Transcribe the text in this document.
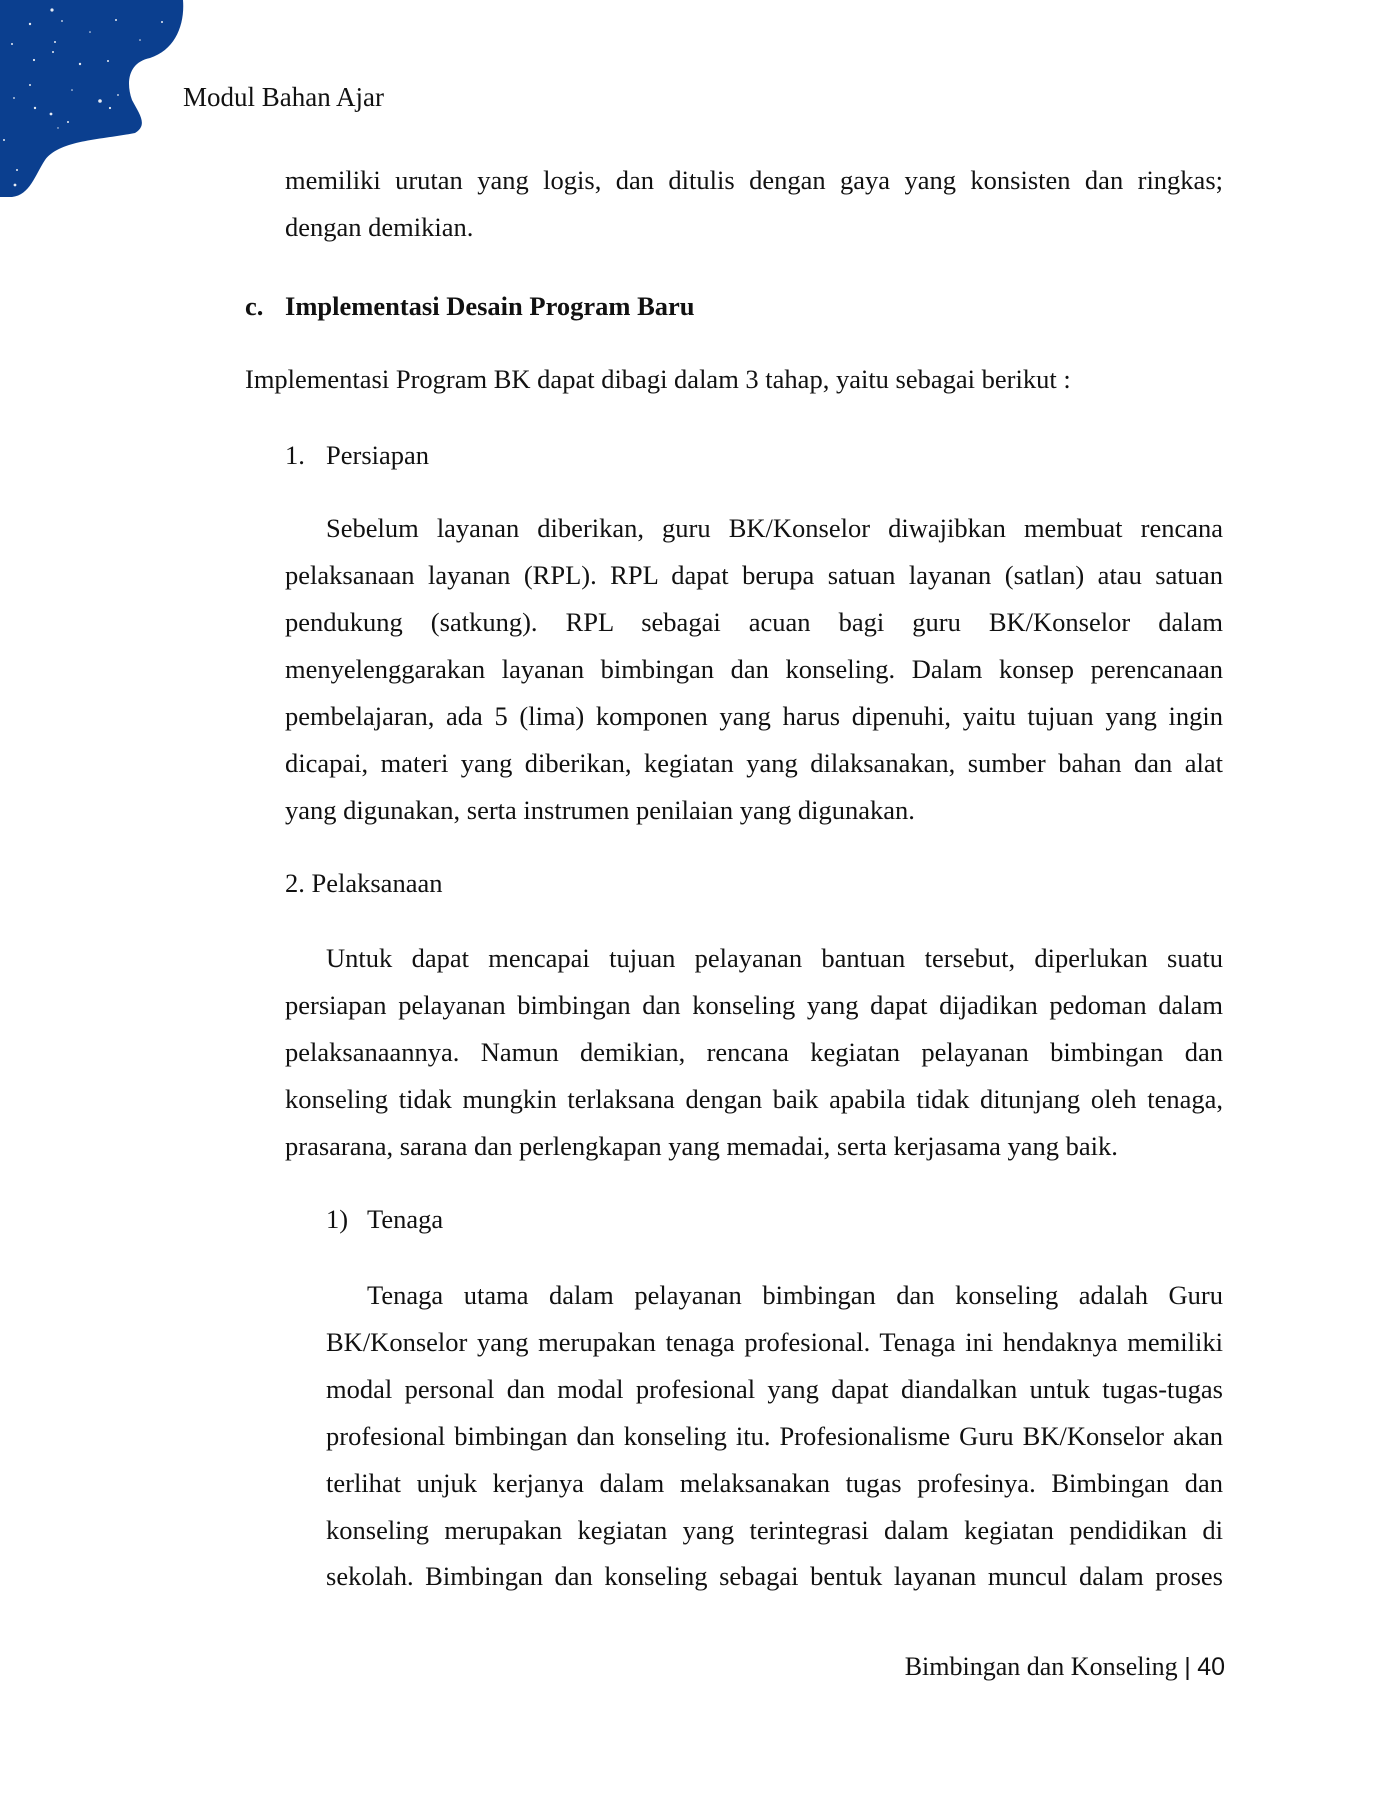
Modul Bahan Ajar
memiliki urutan yang logis, dan ditulis dengan gaya yang konsisten dan ringkas;
dengan demikian.
c. Implementasi Desain Program Baru
Implementasi Program BK dapat dibagi dalam 3 tahap, yaitu sebagai berikut :
1. Persiapan
Sebelum layanan diberikan, guru BK/Konselor diwajibkan membuat rencana
pelaksanaan layanan (RPL). RPL dapat berupa satuan layanan (satlan) atau satuan
pendukung (satkung). RPL sebagai acuan bagi guru BK/Konselor dalam
menyelenggarakan layanan bimbingan dan konseling. Dalam konsep perencanaan
pembelajaran, ada 5 (lima) komponen yang harus dipenuhi, yaitu tujuan yang ingin
dicapai, materi yang diberikan, kegiatan yang dilaksanakan, sumber bahan dan alat
yang digunakan, serta instrumen penilaian yang digunakan.
2. Pelaksanaan
Untuk dapat mencapai tujuan pelayanan bantuan tersebut, diperlukan suatu
persiapan pelayanan bimbingan dan konseling yang dapat dijadikan pedoman dalam
pelaksanaannya. Namun demikian, rencana kegiatan pelayanan bimbingan dan
konseling tidak mungkin terlaksana dengan baik apabila tidak ditunjang oleh tenaga,
prasarana, sarana dan perlengkapan yang memadai, serta kerjasama yang baik.
1) Tenaga
Tenaga utama dalam pelayanan bimbingan dan konseling adalah Guru
BK/Konselor yang merupakan tenaga profesional. Tenaga ini hendaknya memiliki
modal personal dan modal profesional yang dapat diandalkan untuk tugas-tugas
profesional bimbingan dan konseling itu. Profesionalisme Guru BK/Konselor akan
terlihat unjuk kerjanya dalam melaksanakan tugas profesinya. Bimbingan dan
konseling merupakan kegiatan yang terintegrasi dalam kegiatan pendidikan di
sekolah. Bimbingan dan konseling sebagai bentuk layanan muncul dalam proses
Bimbingan dan Konseling | 40
